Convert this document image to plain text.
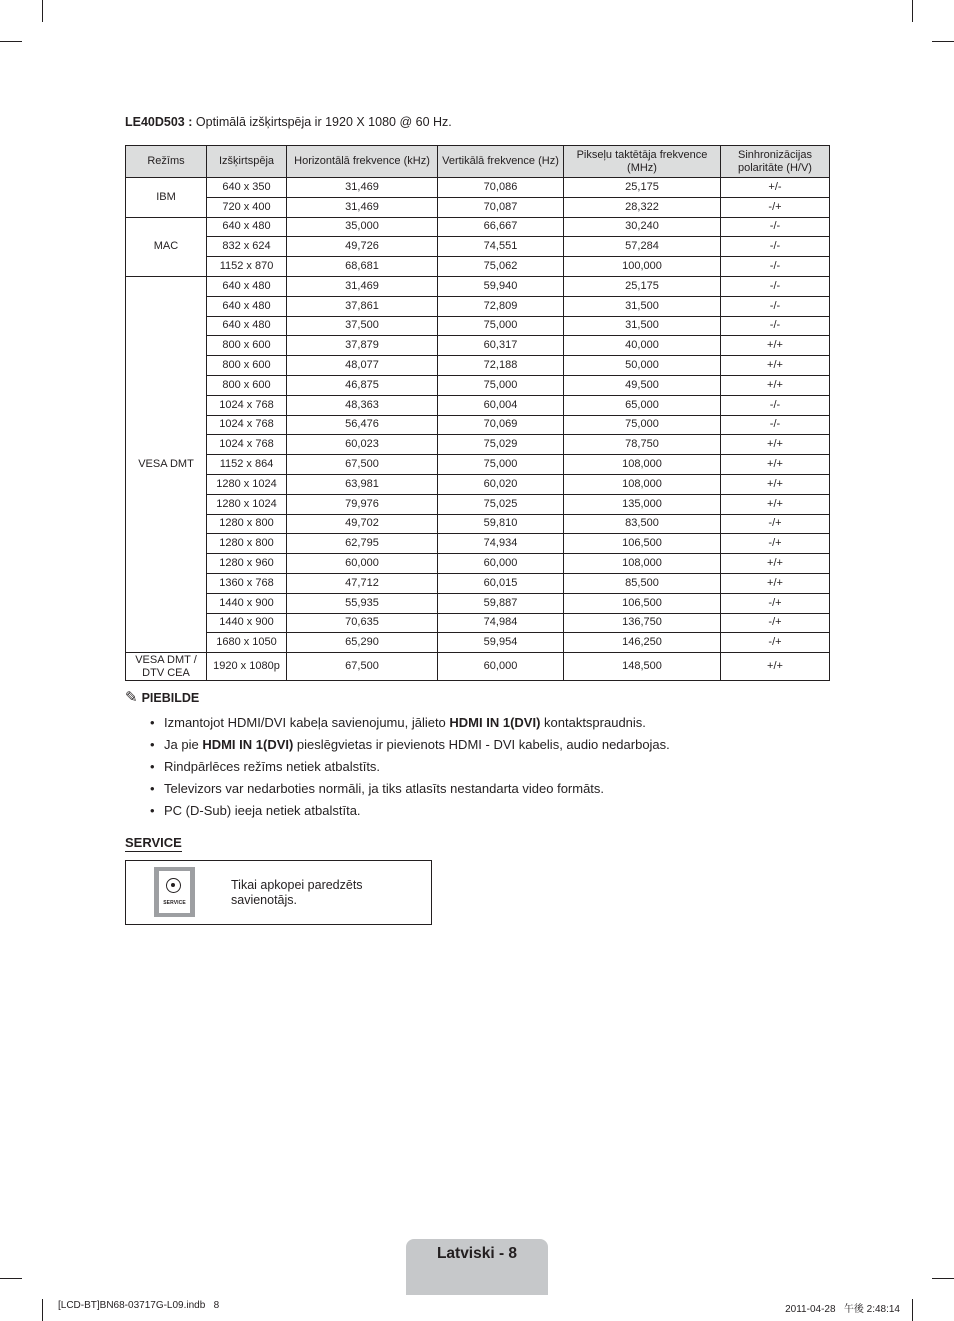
LE40D503 : Optimālā izšķirtspēja ir 1920 X 1080 @ 60 Hz.
Režīms	Izšķirtspēja	Horizontālā frekvence (kHz)	Vertikālā frekvence (Hz)	Pikseļu taktētāja frekvence (MHz)	Sinhronizācijas polaritāte (H/V)
IBM	640 x 350	31,469	70,086	25,175	+/-
	720 x 400	31,469	70,087	28,322	-/+
MAC	640 x 480	35,000	66,667	30,240	-/-
	832 x 624	49,726	74,551	57,284	-/-
	1152 x 870	68,681	75,062	100,000	-/-
VESA DMT	640 x 480	31,469	59,940	25,175	-/-
	640 x 480	37,861	72,809	31,500	-/-
	640 x 480	37,500	75,000	31,500	-/-
	800 x 600	37,879	60,317	40,000	+/+
	800 x 600	48,077	72,188	50,000	+/+
	800 x 600	46,875	75,000	49,500	+/+
	1024 x 768	48,363	60,004	65,000	-/-
	1024 x 768	56,476	70,069	75,000	-/-
	1024 x 768	60,023	75,029	78,750	+/+
	1152 x 864	67,500	75,000	108,000	+/+
	1280 x 1024	63,981	60,020	108,000	+/+
	1280 x 1024	79,976	75,025	135,000	+/+
	1280 x 800	49,702	59,810	83,500	-/+
	1280 x 800	62,795	74,934	106,500	-/+
	1280 x 960	60,000	60,000	108,000	+/+
	1360 x 768	47,712	60,015	85,500	+/+
	1440 x 900	55,935	59,887	106,500	-/+
	1440 x 900	70,635	74,984	136,750	-/+
	1680 x 1050	65,290	59,954	146,250	-/+
VESA DMT / DTV CEA	1920 x 1080p	67,500	60,000	148,500	+/+
✎ PIEBILDE
• Izmantojot HDMI/DVI kabeļa savienojumu, jālieto HDMI IN 1(DVI) kontaktspraudnis.
• Ja pie HDMI IN 1(DVI) pieslēgvietas ir pievienots HDMI - DVI kabelis, audio nedarbojas.
• Rindpārlēces režīms netiek atbalstīts.
• Televizors var nedarboties normāli, ja tiks atlasīts nestandarta video formāts.
• PC (D-Sub) ieeja netiek atbalstīta.
SERVICE
SERVICE
Tikai apkopei paredzēts savienotājs.
Latviski - 8
[LCD-BT]BN68-03717G-L09.indb   8	2011-04-28   午後 2:48:14
